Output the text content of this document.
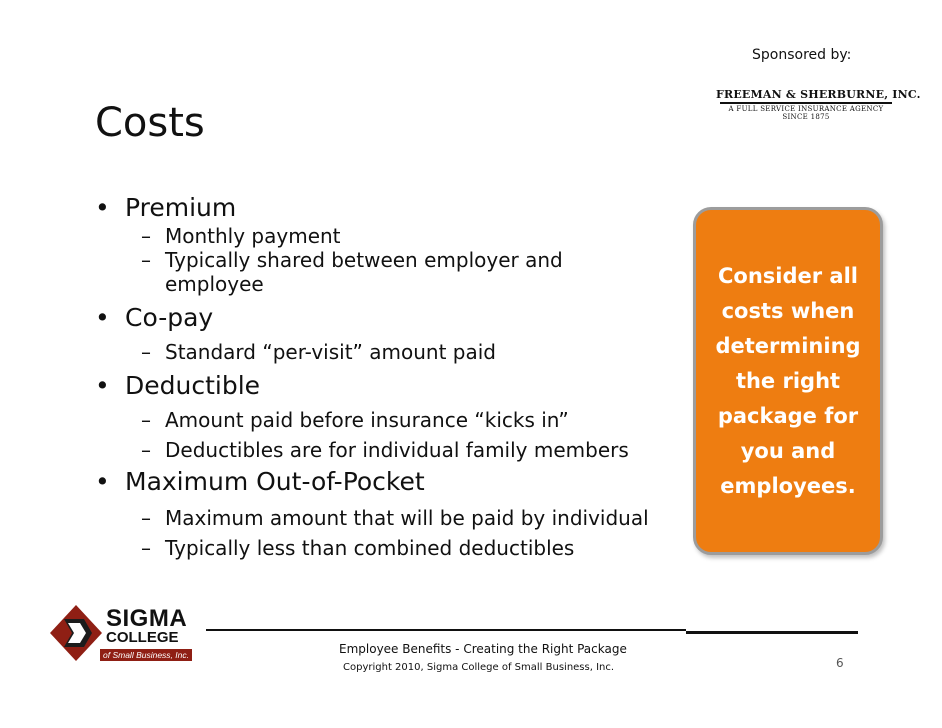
Sponsored by:
FREEMAN & SHERBURNE, INC.
A FULL SERVICE INSURANCE AGENCY
SINCE 1875
Costs
• Premium
– Monthly payment
– Typically shared between employer and employee
• Co-pay
– Standard “per-visit” amount paid
• Deductible
– Amount paid before insurance “kicks in”
– Deductibles are for individual family members
• Maximum Out-of-Pocket
– Maximum amount that will be paid by individual
– Typically less than combined deductibles
Consider all costs when determining the right package for you and employees.
SIGMA
COLLEGE
of Small Business, Inc.	Employee Benefits - Creating the Right Package
Copyright 2010, Sigma College of Small Business, Inc.	6
